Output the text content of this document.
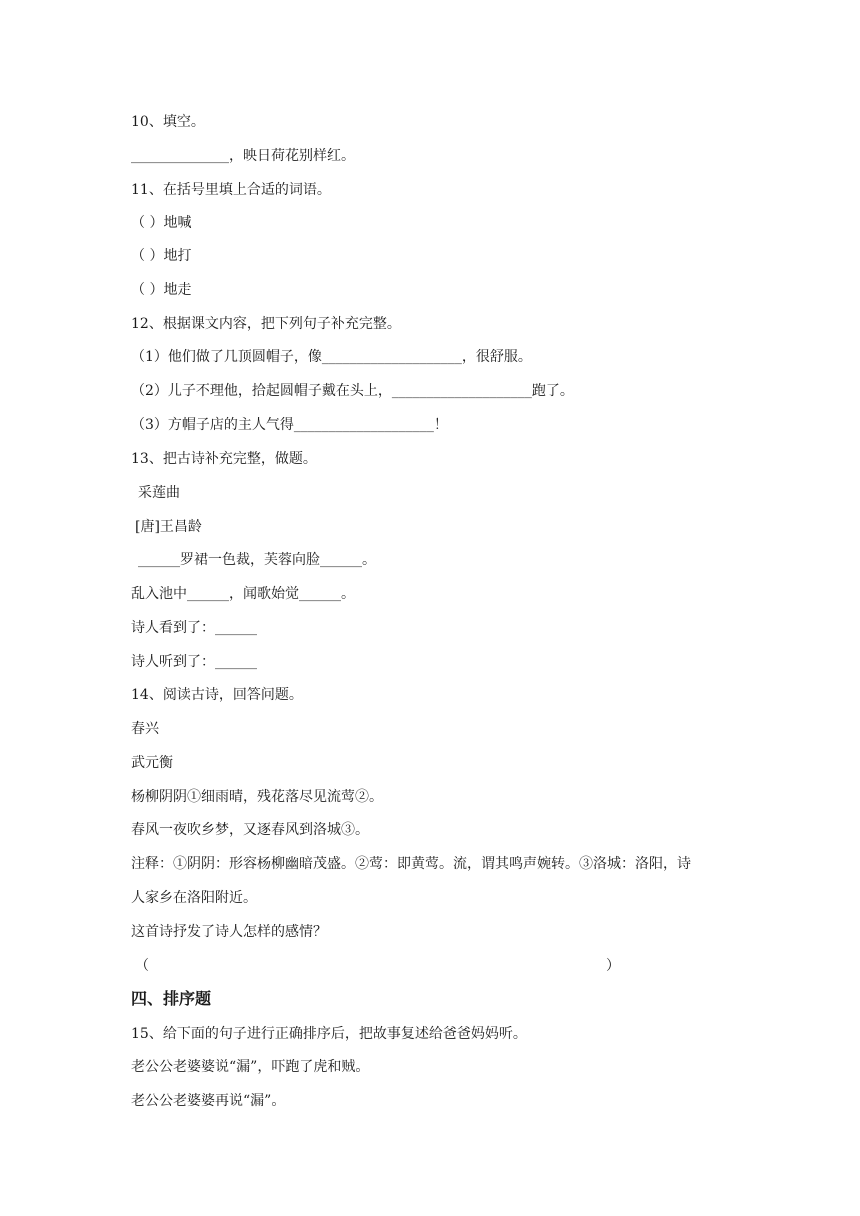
10、填空。

______________，映日荷花别样红。

11、在括号里填上合适的词语。

（ ）地喊

（ ）地打

（ ）地走

12、根据课文内容，把下列句子补充完整。

（1）他们做了几顶圆帽子，像____________________，很舒服。

（2）儿子不理他，拾起圆帽子戴在头上，____________________跑了。

（3）方帽子店的主人气得____________________！

13、把古诗补充完整，做题。

采莲曲

[唐]王昌龄

______罗裙一色裁，芙蓉向脸______。

乱入池中______，闻歌始觉______。

诗人看到了：______

诗人听到了：______

14、阅读古诗，回答问题。

春兴

武元衡

杨柳阴阴①细雨晴，残花落尽见流莺②。

春风一夜吹乡梦，又逐春风到洛城③。

注释：①阴阴：形容杨柳幽暗茂盛。②莺：即黄莺。流，谓其鸣声婉转。③洛城：洛阳，诗

人家乡在洛阳附近。

这首诗抒发了诗人怎样的感情？

（	）

四、排序题

15、给下面的句子进行正确排序后，把故事复述给爸爸妈妈听。

老公公老婆婆说“漏”，吓跑了虎和贼。

老公公老婆婆再说“漏”。
